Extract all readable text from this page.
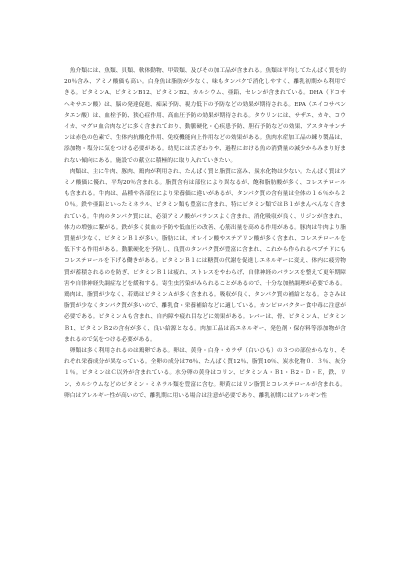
魚介類には、魚類、貝類、軟体動物、甲殻類、及びその加工品が含まれる。魚類は平均してたんぱく質を約20％含み、アミノ酸価も高い。白身魚は脂肪が少なく、味もタンパクで消化しやすく、離乳初期から利用できる。ビタミンA、ビタミンB12、ビタミンB2、カルシウム、亜鉛、セレンが含まれている。DHA（ドコサヘキサエン酸）は、脳の発達促進、痴呆予防、視力低下の予防などの効果が期待される。EPA（エイコサペンタエン酸）は、血栓予防、狭心症作用、高血圧予防の効果が期待される。タウリンには、サザエ、カキ、コウイカ、マグロ血合肉などに多く含まれており、動脈硬化・心疾患予防、胆石予防などの効果、アスタキサンチンは赤色の色素で、生体内抗酸化作用、免疫機能向上作用などの効果がある。魚肉水産加工品の練り製品は、添加物・塩分に気をつける必要がある。幼児には舌ざわりや、過程における魚の消費量の減少からみまり好まれない傾向にある。施設での献立に積極的に取り入れていきたい。

肉類は、主に牛肉、豚肉、鶏肉が利用され、たんぱく質と脂質に富み、炭水化物は少ない。たんぱく質はアミノ酸価に優れ、平均20％含まれる。脂質含有は部位により異なるが、飽和脂肪酸が多く、コレステロールも含まれる。牛肉は、品種や各部位により栄養価に違いがあるが、タンパク質の含有量は全体の１６％から２０％。鉄や亜鉛といったミネラル、ビタミン類も豊富に含まれ、特にビタミン類ではＢ１がまんべんなく含まれている。牛肉のタンパク質には、必須アミノ酸がバランスよく含まれ、消化吸収が良く、リジンが含まれ、体力の増強に繋がる。鉄が多く貧血の予防や低血圧の改善、心筋出量を高める作用がある。豚肉は牛肉より脂質量が少なく、ビタミンＢ１が多い。脂肪には、オレイン酸やステアリン酸が多く含まれ、コレステロールを低下する作用がある。動脈硬化を予防し、良質のタンパク質が豊富に含まれ、これから作られるペプチドにもコレステロールを下げる働きがある。ビタミンＢ１には糖質の代謝を促進しエネルギーに変え、体内に疲労物質が蓄積されるのを防ぎ、ビタミンＢ１は疲れ、ストレスをやわらげ、自律神経のバランスを整えて更年期障害や自律神経失調症などを緩和する。寄生虫汚染がみられることがあるので、十分な加熱調理が必要である。鶏肉は、脂質が少なく、若鶏はビタミンＡが多く含まれる。吸収が良く、タンパク質の補給となる。ささみは脂質が少なくタンパク質が多いので、離乳食・栄養補給などに適している。カンピロバクター食中毒に注意が必要である。ビタミンＡも含まれ、自内障や疲れ目などに効果がある。レバーは、骨、ビタミンＡ、ビタミンＢ1、ビタミンＢ2の含有が多く、良い給源となる。肉加工品は高エネルギー、発色剤・保存料等添加物が含まれるので気をつける必要がある。

卵類は多く利用されるのは鶏卵である。卵は、黄身・白身・カラザ（白いひも）の３つの部位からなり、それぞれ栄養成分が異なっている。全卵の成分は76％、たんぱく質12％、脂質10％、炭水化物０．３％、灰分１％。ビタミンはＣ以外が含まれている。水分卵の黄身はコリン、ビタミンＡ・Ｂ1・Ｂ2・Ｄ・Ｅ，鉄、リン、カルシウムなどのビタミン・ミネラル類を豊富に含む。卵黄にはリン脂質とコレステロールが含まれる。卵白はアレルギー性が高いので、離乳期に用いる場合は注意が必要であり、離乳初期にはアレルギン性
